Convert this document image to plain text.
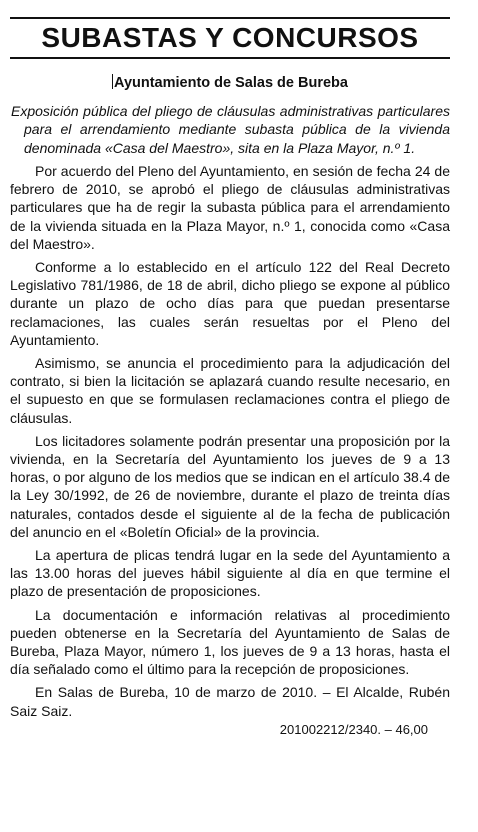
SUBASTAS Y CONCURSOS
Ayuntamiento de Salas de Bureba
Exposición pública del pliego de cláusulas administrativas particulares para el arrendamiento mediante subasta pública de la vivienda denominada «Casa del Maestro», sita en la Plaza Mayor, n.º 1.

Por acuerdo del Pleno del Ayuntamiento, en sesión de fecha 24 de febrero de 2010, se aprobó el pliego de cláusulas administrativas particulares que ha de regir la subasta pública para el arrendamiento de la vivienda situada en la Plaza Mayor, n.º 1, conocida como «Casa del Maestro».

Conforme a lo establecido en el artículo 122 del Real Decreto Legislativo 781/1986, de 18 de abril, dicho pliego se expone al público durante un plazo de ocho días para que puedan presentarse reclamaciones, las cuales serán resueltas por el Pleno del Ayuntamiento.

Asimismo, se anuncia el procedimiento para la adjudicación del contrato, si bien la licitación se aplazará cuando resulte necesario, en el supuesto en que se formulasen reclamaciones contra el pliego de cláusulas.

Los licitadores solamente podrán presentar una proposición por la vivienda, en la Secretaría del Ayuntamiento los jueves de 9 a 13 horas, o por alguno de los medios que se indican en el artículo 38.4 de la Ley 30/1992, de 26 de noviembre, durante el plazo de treinta días naturales, contados desde el siguiente al de la fecha de publicación del anuncio en el «Boletín Oficial» de la provincia.

La apertura de plicas tendrá lugar en la sede del Ayuntamiento a las 13.00 horas del jueves hábil siguiente al día en que termine el plazo de presentación de proposiciones.

La documentación e información relativas al procedimiento pueden obtenerse en la Secretaría del Ayuntamiento de Salas de Bureba, Plaza Mayor, número 1, los jueves de 9 a 13 horas, hasta el día señalado como el último para la recepción de proposiciones.

En Salas de Bureba, 10 de marzo de 2010. – El Alcalde, Rubén Saiz Saiz.

201002212/2340. – 46,00
